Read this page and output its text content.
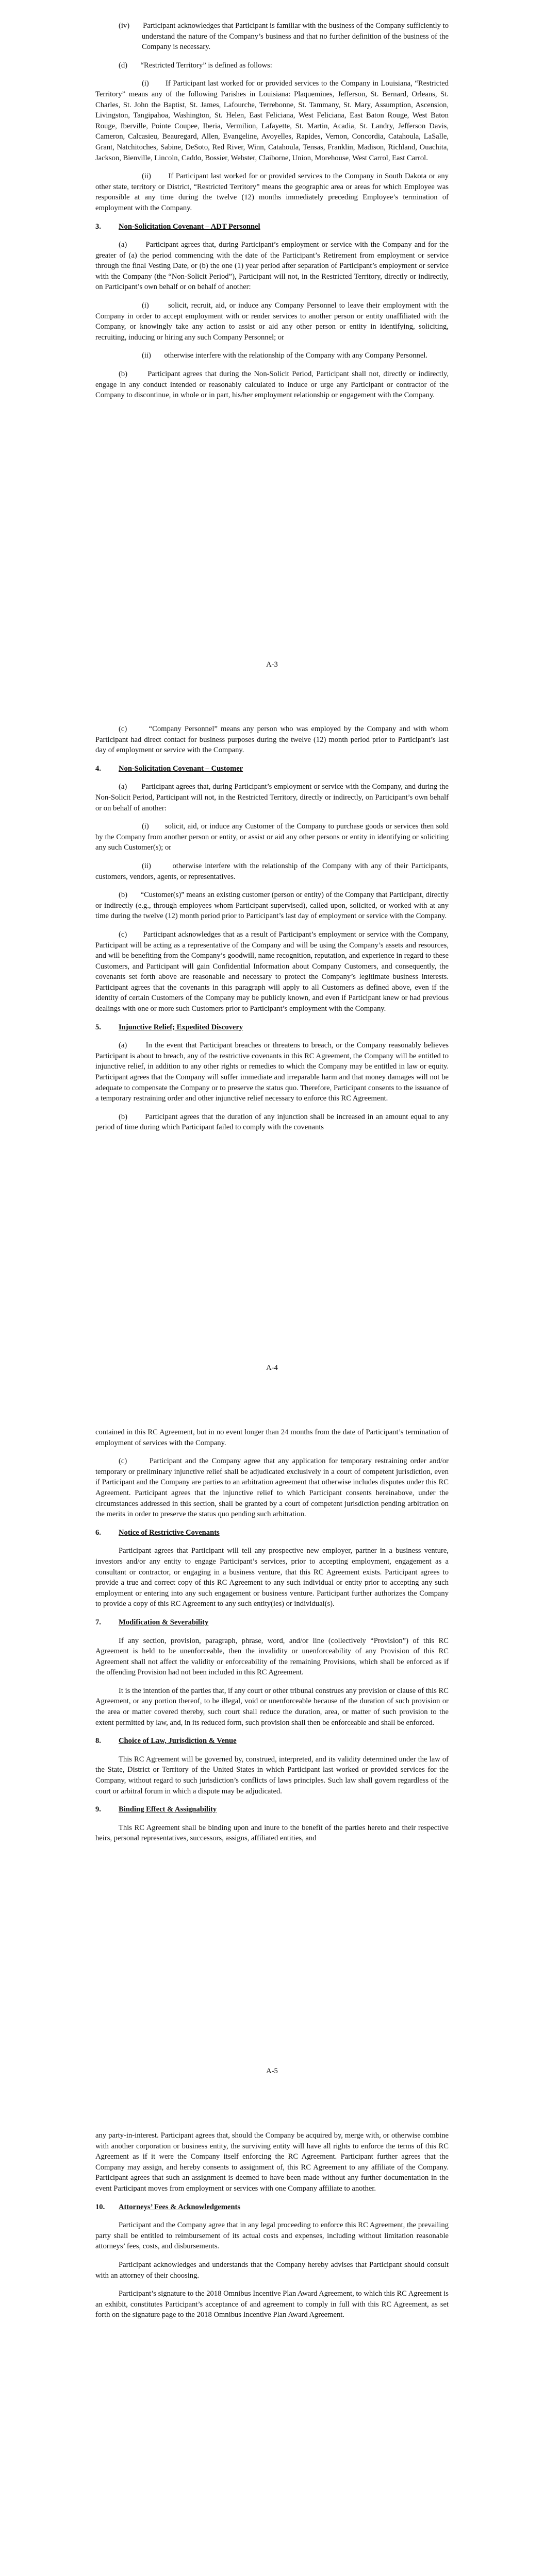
(iv)       Participant acknowledges that Participant is familiar with the business of the Company sufficiently to understand the nature of the Company’s business and that no further definition of the business of the Company is necessary.

(d)       “Restricted Territory” is defined as follows:

(i)       If Participant last worked for or provided services to the Company in Louisiana, “Restricted Territory” means any of the following Parishes in Louisiana: Plaquemines, Jefferson, St. Bernard, Orleans, St. Charles, St. John the Baptist, St. James, Lafourche, Terrebonne, St. Tammany, St. Mary, Assumption, Ascension, Livingston, Tangipahoa, Washington, St. Helen, East Feliciana, West Feliciana, East Baton Rouge, West Baton Rouge, Iberville, Pointe Coupee, Iberia, Vermilion, Lafayette, St. Martin, Acadia, St. Landry, Jefferson Davis, Cameron, Calcasieu, Beauregard, Allen, Evangeline, Avoyelles, Rapides, Vernon, Concordia, Catahoula, LaSalle, Grant, Natchitoches, Sabine, DeSoto, Red River, Winn, Catahoula, Tensas, Franklin, Madison, Richland, Ouachita, Jackson, Bienville, Lincoln, Caddo, Bossier, Webster, Claiborne, Union, Morehouse, West Carrol, East Carrol.

(ii)       If Participant last worked for or provided services to the Company in South Dakota or any other state, territory or District, “Restricted Territory” means the geographic area or areas for which Employee was responsible at any time during the twelve (12) months immediately preceding Employee’s termination of employment with the Company.

3. Non-Solicitation Covenant – ADT Personnel

(a)       Participant agrees that, during Participant’s employment or service with the Company and for the greater of (a) the period commencing with the date of the Participant’s Retirement from employment or service through the final Vesting Date, or (b) the one (1) year period after separation of Participant’s employment or service with the Company (the “Non-Solicit Period”), Participant will not, in the Restricted Territory, directly or indirectly, on Participant’s own behalf or on behalf of another:

(i)       solicit, recruit, aid, or induce any Company Personnel to leave their employment with the Company in order to accept employment with or render services to another person or entity unaffiliated with the Company, or knowingly take any action to assist or aid any other person or entity in identifying, soliciting, recruiting, inducing or hiring any such Company Personnel; or

(ii)       otherwise interfere with the relationship of the Company with any Company Personnel.

(b)       Participant agrees that during the Non-Solicit Period, Participant shall not, directly or indirectly, engage in any conduct intended or reasonably calculated to induce or urge any Participant or contractor of the Company to discontinue, in whole or in part, his/her employment relationship or engagement with the Company.

A-3

(c)       “Company Personnel” means any person who was employed by the Company and with whom Participant had direct contact for business purposes during the twelve (12) month period prior to Participant’s last day of employment or service with the Company.

4. Non-Solicitation Covenant – Customer

(a)       Participant agrees that, during Participant’s employment or service with the Company, and during the Non-Solicit Period, Participant will not, in the Restricted Territory, directly or indirectly, on Participant’s own behalf or on behalf of another:

(i)       solicit, aid, or induce any Customer of the Company to purchase goods or services then sold by the Company from another person or entity, or assist or aid any other persons or entity in identifying or soliciting any such Customer(s); or

(ii)       otherwise interfere with the relationship of the Company with any of their Participants, customers, vendors, agents, or representatives.

(b)       “Customer(s)” means an existing customer (person or entity) of the Company that Participant, directly or indirectly (e.g., through employees whom Participant supervised), called upon, solicited, or worked with at any time during the twelve (12) month period prior to Participant’s last day of employment or service with the Company.

(c)       Participant acknowledges that as a result of Participant’s employment or service with the Company, Participant will be acting as a representative of the Company and will be using the Company’s assets and resources, and will be benefiting from the Company’s goodwill, name recognition, reputation, and experience in regard to these Customers, and Participant will gain Confidential Information about Company Customers, and consequently, the covenants set forth above are reasonable and necessary to protect the Company’s legitimate business interests. Participant agrees that the covenants in this paragraph will apply to all Customers as defined above, even if the identity of certain Customers of the Company may be publicly known, and even if Participant knew or had previous dealings with one or more such Customers prior to Participant’s employment with the Company.

5. Injunctive Relief; Expedited Discovery

(a)       In the event that Participant breaches or threatens to breach, or the Company reasonably believes Participant is about to breach, any of the restrictive covenants in this RC Agreement, the Company will be entitled to injunctive relief, in addition to any other rights or remedies to which the Company may be entitled in law or equity. Participant agrees that the Company will suffer immediate and irreparable harm and that money damages will not be adequate to compensate the Company or to preserve the status quo. Therefore, Participant consents to the issuance of a temporary restraining order and other injunctive relief necessary to enforce this RC Agreement.

(b)       Participant agrees that the duration of any injunction shall be increased in an amount equal to any period of time during which Participant failed to comply with the covenants

A-4

contained in this RC Agreement, but in no event longer than 24 months from the date of Participant’s termination of employment of services with the Company.

(c)       Participant and the Company agree that any application for temporary restraining order and/or temporary or preliminary injunctive relief shall be adjudicated exclusively in a court of competent jurisdiction, even if Participant and the Company are parties to an arbitration agreement that otherwise includes disputes under this RC Agreement. Participant agrees that the injunctive relief to which Participant consents hereinabove, under the circumstances addressed in this section, shall be granted by a court of competent jurisdiction pending arbitration on the merits in order to preserve the status quo pending such arbitration.

6. Notice of Restrictive Covenants

Participant agrees that Participant will tell any prospective new employer, partner in a business venture, investors and/or any entity to engage Participant’s services, prior to accepting employment, engagement as a consultant or contractor, or engaging in a business venture, that this RC Agreement exists. Participant agrees to provide a true and correct copy of this RC Agreement to any such individual or entity prior to accepting any such employment or entering into any such engagement or business venture. Participant further authorizes the Company to provide a copy of this RC Agreement to any such entity(ies) or individual(s).

7. Modification & Severability

If any section, provision, paragraph, phrase, word, and/or line (collectively “Provision”) of this RC Agreement is held to be unenforceable, then the invalidity or unenforceability of any Provision of this RC Agreement shall not affect the validity or enforceability of the remaining Provisions, which shall be enforced as if the offending Provision had not been included in this RC Agreement.

It is the intention of the parties that, if any court or other tribunal construes any provision or clause of this RC Agreement, or any portion thereof, to be illegal, void or unenforceable because of the duration of such provision or the area or matter covered thereby, such court shall reduce the duration, area, or matter of such provision to the extent permitted by law, and, in its reduced form, such provision shall then be enforceable and shall be enforced.

8. Choice of Law, Jurisdiction & Venue

This RC Agreement will be governed by, construed, interpreted, and its validity determined under the law of the State, District or Territory of the United States in which Participant last worked or provided services for the Company, without regard to such jurisdiction’s conflicts of laws principles. Such law shall govern regardless of the court or arbitral forum in which a dispute may be adjudicated.

9. Binding Effect & Assignability

This RC Agreement shall be binding upon and inure to the benefit of the parties hereto and their respective heirs, personal representatives, successors, assigns, affiliated entities, and

A-5

any party-in-interest. Participant agrees that, should the Company be acquired by, merge with, or otherwise combine with another corporation or business entity, the surviving entity will have all rights to enforce the terms of this RC Agreement as if it were the Company itself enforcing the RC Agreement. Participant further agrees that the Company may assign, and hereby consents to assignment of, this RC Agreement to any affiliate of the Company. Participant agrees that such an assignment is deemed to have been made without any further documentation in the event Participant moves from employment or services with one Company affiliate to another.

10. Attorneys’ Fees & Acknowledgements

Participant and the Company agree that in any legal proceeding to enforce this RC Agreement, the prevailing party shall be entitled to reimbursement of its actual costs and expenses, including without limitation reasonable attorneys’ fees, costs, and disbursements.

Participant acknowledges and understands that the Company hereby advises that Participant should consult with an attorney of their choosing.

Participant’s signature to the 2018 Omnibus Incentive Plan Award Agreement, to which this RC Agreement is an exhibit, constitutes Participant’s acceptance of and agreement to comply in full with this RC Agreement, as set forth on the signature page to the 2018 Omnibus Incentive Plan Award Agreement.
